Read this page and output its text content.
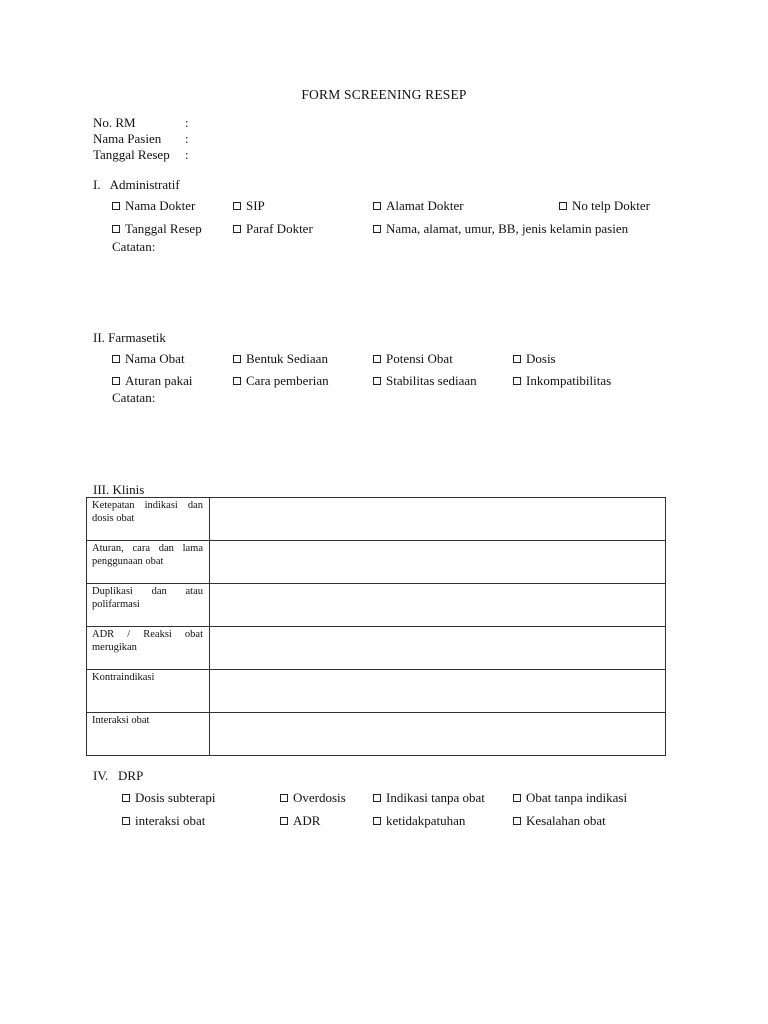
FORM SCREENING RESEP
No. RM	:
Nama Pasien :
Tanggal Resep :
I.   Administratif
Nama Dokter	SIP	Alamat Dokter	No telp Dokter
Tanggal Resep	Paraf Dokter	Nama, alamat, umur, BB, jenis kelamin pasien
Catatan:
II. Farmasetik
Nama Obat	Bentuk Sediaan	Potensi Obat	Dosis
Aturan pakai	Cara pemberian	Stabilitas sediaan	Inkompatibilitas
Catatan:
III. Klinis
Ketepatan indikasi dan dosis obat	
Aturan, cara dan lama penggunaan obat	
Duplikasi dan atau polifarmasi	
ADR / Reaksi obat merugikan	
Kontraindikasi	
Interaksi obat	
IV.   DRP
Dosis subterapi	Overdosis	Indikasi tanpa obat	Obat tanpa indikasi
interaksi obat	ADR	ketidakpatuhan	Kesalahan obat
